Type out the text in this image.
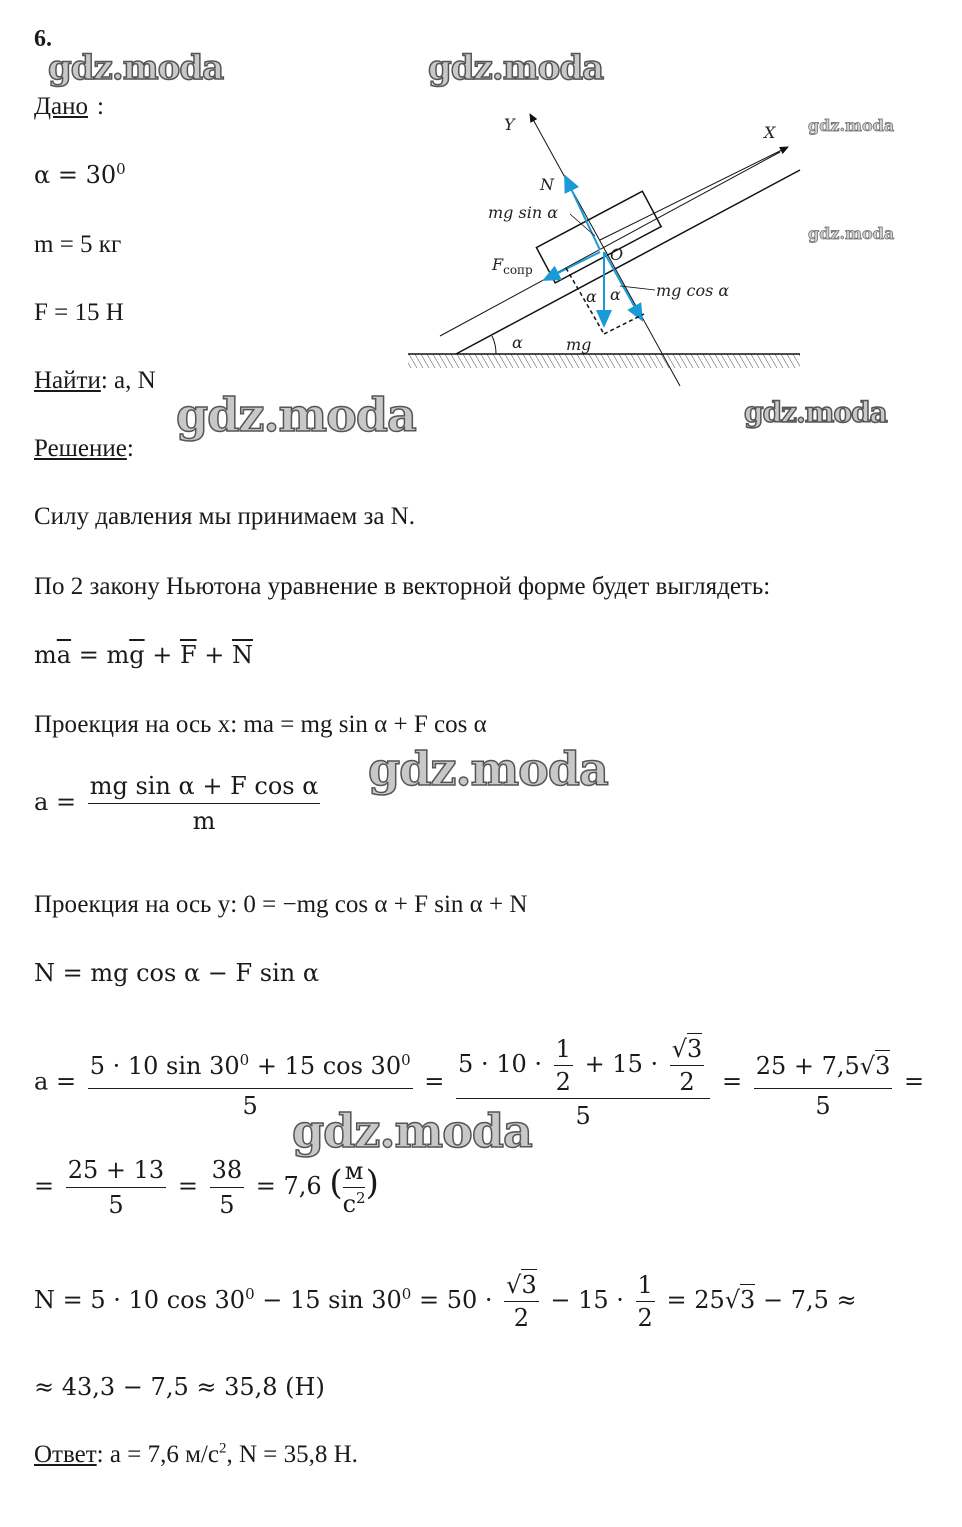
gdz.moda	gdz.moda
gdz.moda
gdz.moda
gdz.moda	gdz.moda
gdz.moda
gdz.moda
6.
Дано :
$\alpha = 30^0$
m = 5 кг
F = 15 Н
Найти: a, N
Решение:
Силу давления мы принимаем за N.
По 2 закону Ньютона уравнение в векторной форме будет выглядеть:
$m\overline{a} = m\overline{g} + \overline{F} + \overline{N}$
Проекция на ось x: ma = mg sin α + F cos α
$a = \frac{\text{mg sin α + F cos α}}{m}$
Проекция на ось y: 0 = −mg cos α + F sin α + N
N = mg cos α − F sin α
$a = \frac{5 \cdot 10 \sin 30^0 + 15 \cos 30^0}{5} = \frac{5 \cdot 10 \cdot \frac{1}{2} + 15 \cdot \frac{√3}{2}}{5} = \frac{25 + 7,5√3}{5}$ =
= $\frac{25 + 13}{5} = \frac{38}{5} = 7,6$ ( $\frac{м}{с^2}$ )
N = 5 · 10 $\cos 30^0 - 15$ $\sin 30^0 = 50 \cdot \frac{√3}{2} - 15 \cdot \frac{1}{2} = 25√3 - 7,5$ ≈
≈ 43,3 − 7,5 ≈ 35,8 (Н)
Ответ: a = 7,6 $м/с^2$, N = 35,8 Н.
Y	X
N
mg sin α
$F_{сопр}$
O
α α mg cos α
α	mg
